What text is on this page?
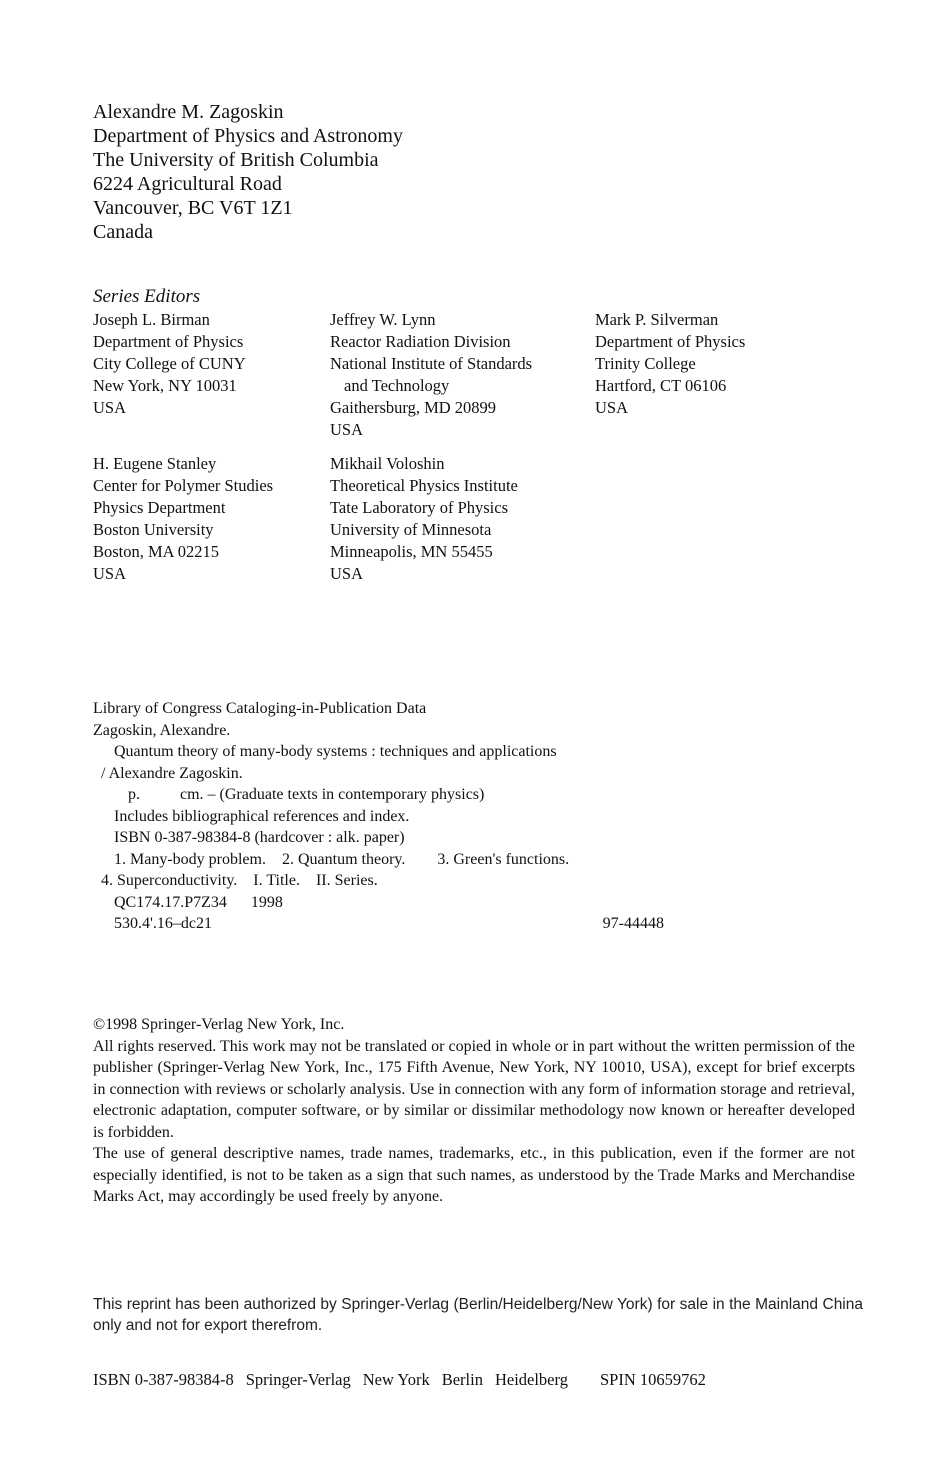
Alexandre M. Zagoskin
Department of Physics and Astronomy
The University of British Columbia
6224 Agricultural Road
Vancouver, BC V6T 1Z1
Canada
Series Editors
Joseph L. Birman
Department of Physics
City College of CUNY
New York, NY 10031
USA
Jeffrey W. Lynn
Reactor Radiation Division
National Institute of Standards
and Technology
Gaithersburg, MD 20899
USA
Mark P. Silverman
Department of Physics
Trinity College
Hartford, CT 06106
USA
H. Eugene Stanley
Center for Polymer Studies
Physics Department
Boston University
Boston, MA 02215
USA
Mikhail Voloshin
Theoretical Physics Institute
Tate Laboratory of Physics
University of Minnesota
Minneapolis, MN 55455
USA
Library of Congress Cataloging-in-Publication Data
Zagoskin, Alexandre.
Quantum theory of many-body systems : techniques and applications
/ Alexandre Zagoskin.
p.	cm. – (Graduate texts in contemporary physics)
Includes bibliographical references and index.
ISBN 0-387-98384-8 (hardcover : alk. paper)
1. Many-body problem. 2. Quantum theory. 3. Green's functions.
4. Superconductivity. I. Title. II. Series.
QC174.17.P7Z34 1998
530.4'.16–dc21	97-44448

©1998 Springer-Verlag New York, Inc.

All rights reserved. This work may not be translated or copied in whole or in part without the written permission of the publisher (Springer-Verlag New York, Inc., 175 Fifth Avenue, New York, NY 10010, USA), except for brief excerpts in connection with reviews or scholarly analysis. Use in connection with any form of information storage and retrieval, electronic adaptation, computer software, or by similar or dissimilar methodology now known or hereafter developed is forbidden.

The use of general descriptive names, trade names, trademarks, etc., in this publication, even if the former are not especially identified, is not to be taken as a sign that such names, as understood by the Trade Marks and Merchandise Marks Act, may accordingly be used freely by anyone.

This reprint has been authorized by Springer-Verlag (Berlin/Heidelberg/New York) for sale in the Mainland China only and not for export therefrom.

ISBN 0-387-98384-8 Springer-Verlag New York Berlin Heidelberg SPIN 10659762
